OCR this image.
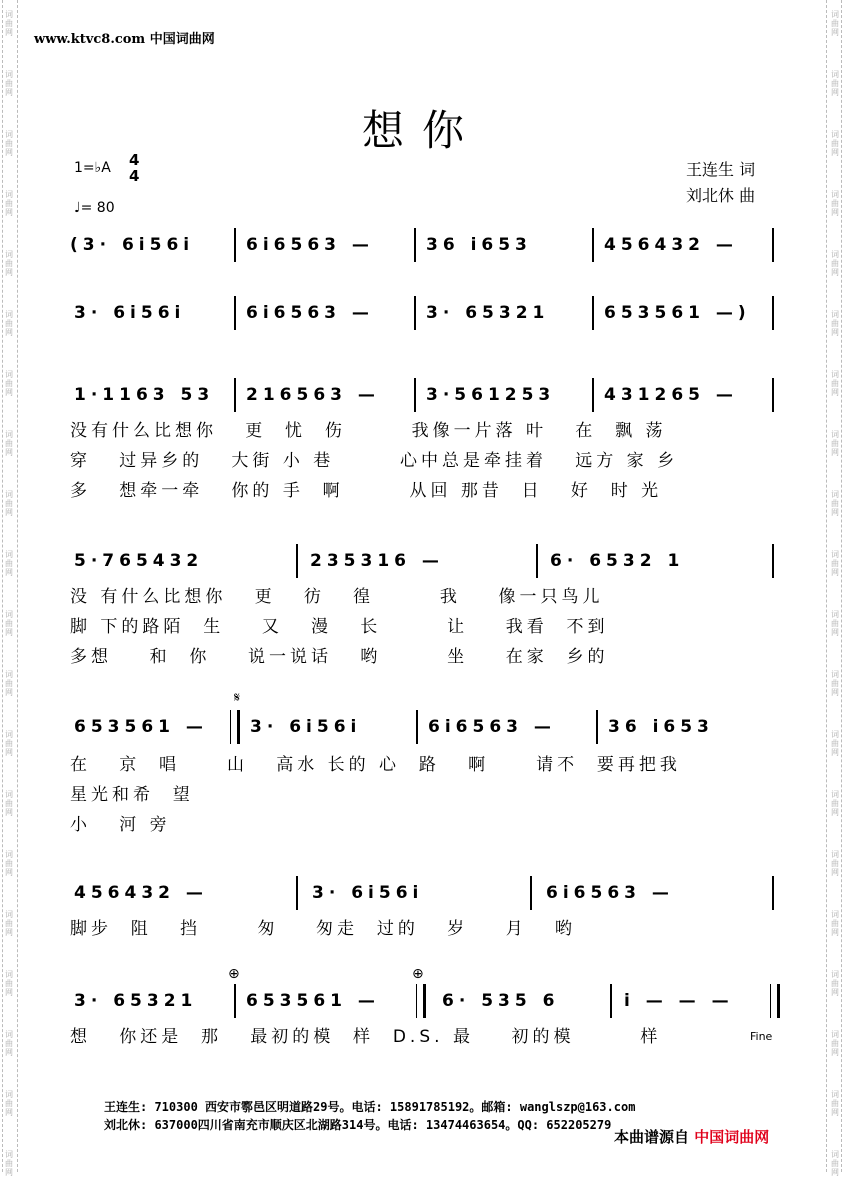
www.ktvc8.com 中国词曲网
想你
王连生 词
刘北休 曲
1=♭A 4
4
♩= 80
(3· 6i56i	6i6563 —	36 i653	456432 —
3· 6i56i	6i6563 —	3· 65321	653561 —)
1·1163 53 216563 —	3·561253	431265 —
没有什么比想你   更  忧  伤       我像一片落 叶   在  飘 荡
穿   过异乡的   大街 小 巷       心中总是牵挂着   远方 家 乡
多   想牵一牵   你的 手  啊       从回 那昔  日   好  时 光
5·765432	235316 —	6· 6532 1
没 有什么比想你   更   彷   徨       我    像一只鸟儿
脚 下的路陌  生    又   漫   长       让    我看  不到
多想    和  你    说一说话   哟       坐    在家  乡的
𝄋
653561 — 3· 6i56i	6i6563 —	36 i653
在   京  唱     山   高水 长的 心  路   啊     请不  要再把我
星光和希  望
小   河 旁
456432 —	3· 6i56i	6i6563 —
脚步  阻   挡      匆    匆走  过的   岁    月   哟
⊕	⊕
3· 65321	653561 —	6· 535 6	i — — —
想   你还是  那   最初的模  样  D.S. 最    初的模       样	Fine
王连生: 710300 西安市鄠邑区明道路29号。电话: 15891785192。邮箱: wanglszp@163.com
刘北休: 637000四川省南充市顺庆区北湖路314号。电话: 13474463654。QQ: 652205279
本曲谱源自 中国词曲网
词
曲
网
词
曲
网
词
曲
网
词
曲
网
词
曲
网
词
曲
网
词
曲
网
词
曲
网
词
曲
网
词
曲
网
词
曲
网
词
曲
网
词
曲
网
词
曲
网
词
曲
网
词
曲
网
词
曲
网
词
曲
网
词
曲
网
词
曲
网
词
曲
网
词
曲
网
词
曲
网
词
曲
网
词
曲
网
词
曲
网
词
曲
网
词
曲
网
词
曲
网
词
曲
网
词
曲
网
词
曲
网
词
曲
网
词
曲
网
词
曲
网
词
曲
网
词
曲
网
词
曲
网
词
曲
网
词
曲
网
